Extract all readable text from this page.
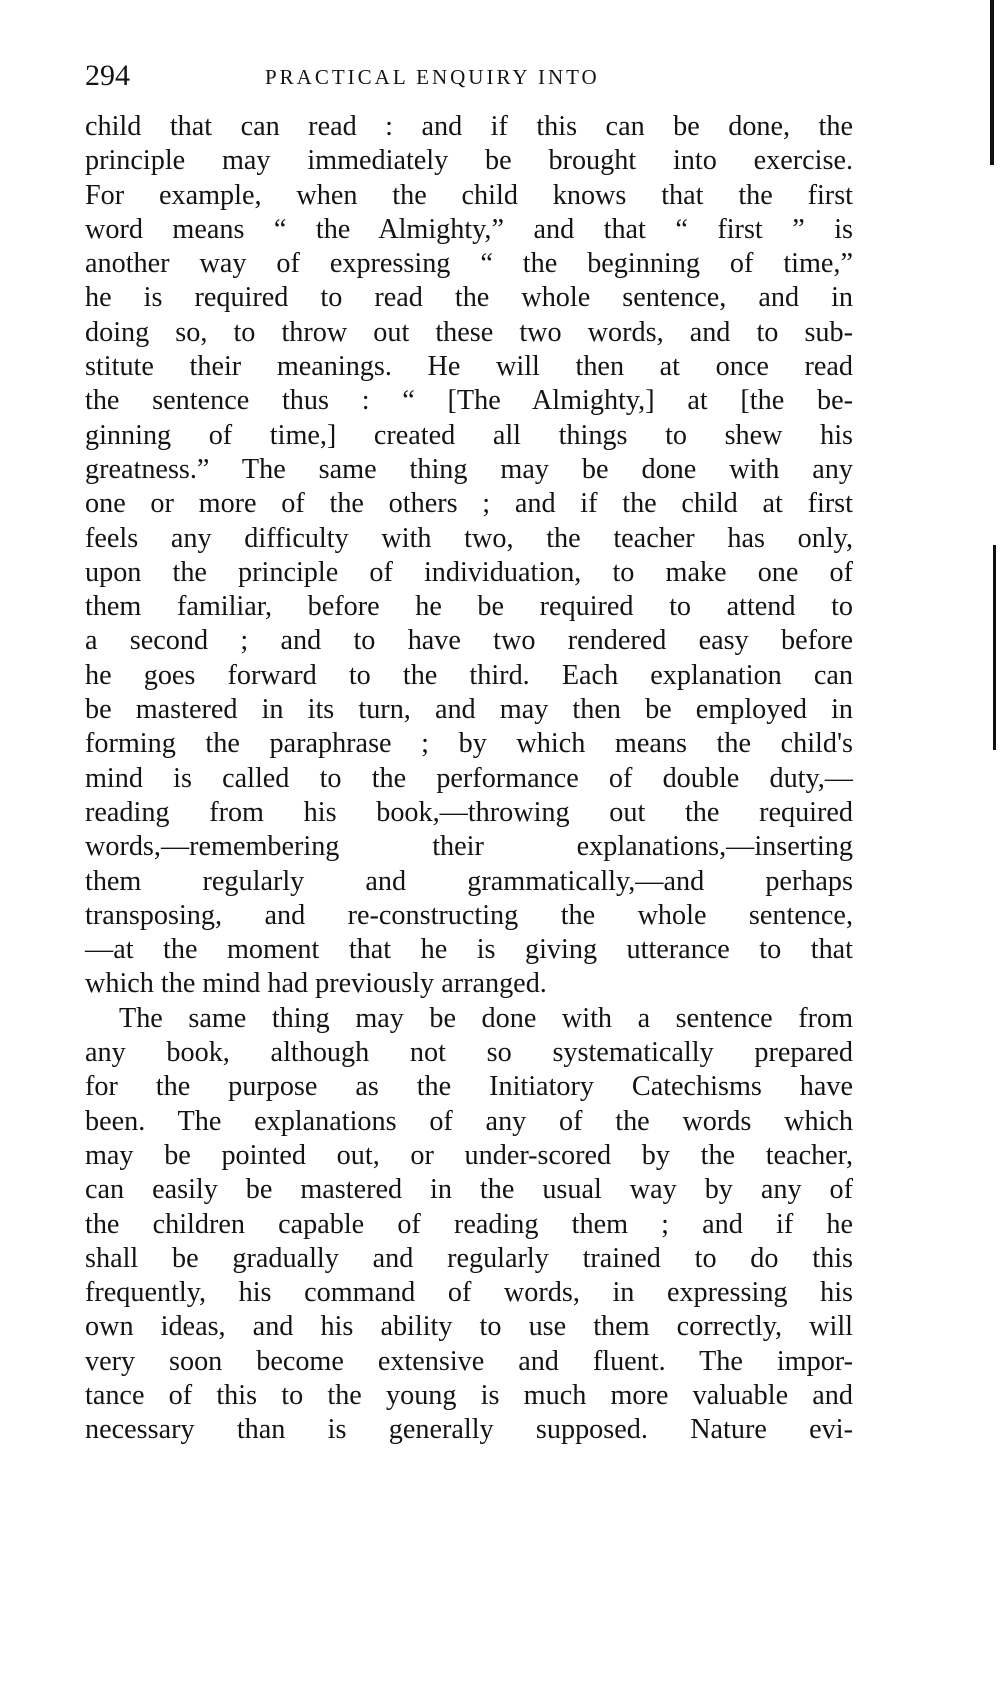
294	PRACTICAL ENQUIRY INTO

child that can read : and if this can be done, the
principle may immediately be brought into exercise.
For example, when the child knows that the first
word means “ the Almighty,” and that “ first ” is
another way of expressing “ the beginning of time,”
he is required to read the whole sentence, and in
doing so, to throw out these two words, and to sub-
stitute their meanings. He will then at once read
the sentence thus : “ [The Almighty,] at [the be-
ginning of time,] created all things to shew his
greatness.” The same thing may be done with any
one or more of the others ; and if the child at first
feels any difficulty with two, the teacher has only,
upon the principle of individuation, to make one of
them familiar, before he be required to attend to
a second ; and to have two rendered easy before
he goes forward to the third. Each explanation can
be mastered in its turn, and may then be employed in
forming the paraphrase ; by which means the child's
mind is called to the performance of double duty,—
reading from his book,—throwing out the required
words,—remembering their explanations,—inserting
them regularly and grammatically,—and perhaps
transposing, and re-constructing the whole sentence,
—at the moment that he is giving utterance to that
which the mind had previously arranged.

The same thing may be done with a sentence from
any book, although not so systematically prepared
for the purpose as the Initiatory Catechisms have
been. The explanations of any of the words which
may be pointed out, or under-scored by the teacher,
can easily be mastered in the usual way by any of
the children capable of reading them ; and if he
shall be gradually and regularly trained to do this
frequently, his command of words, in expressing his
own ideas, and his ability to use them correctly, will
very soon become extensive and fluent. The impor-
tance of this to the young is much more valuable and
necessary than is generally supposed. Nature evi-
